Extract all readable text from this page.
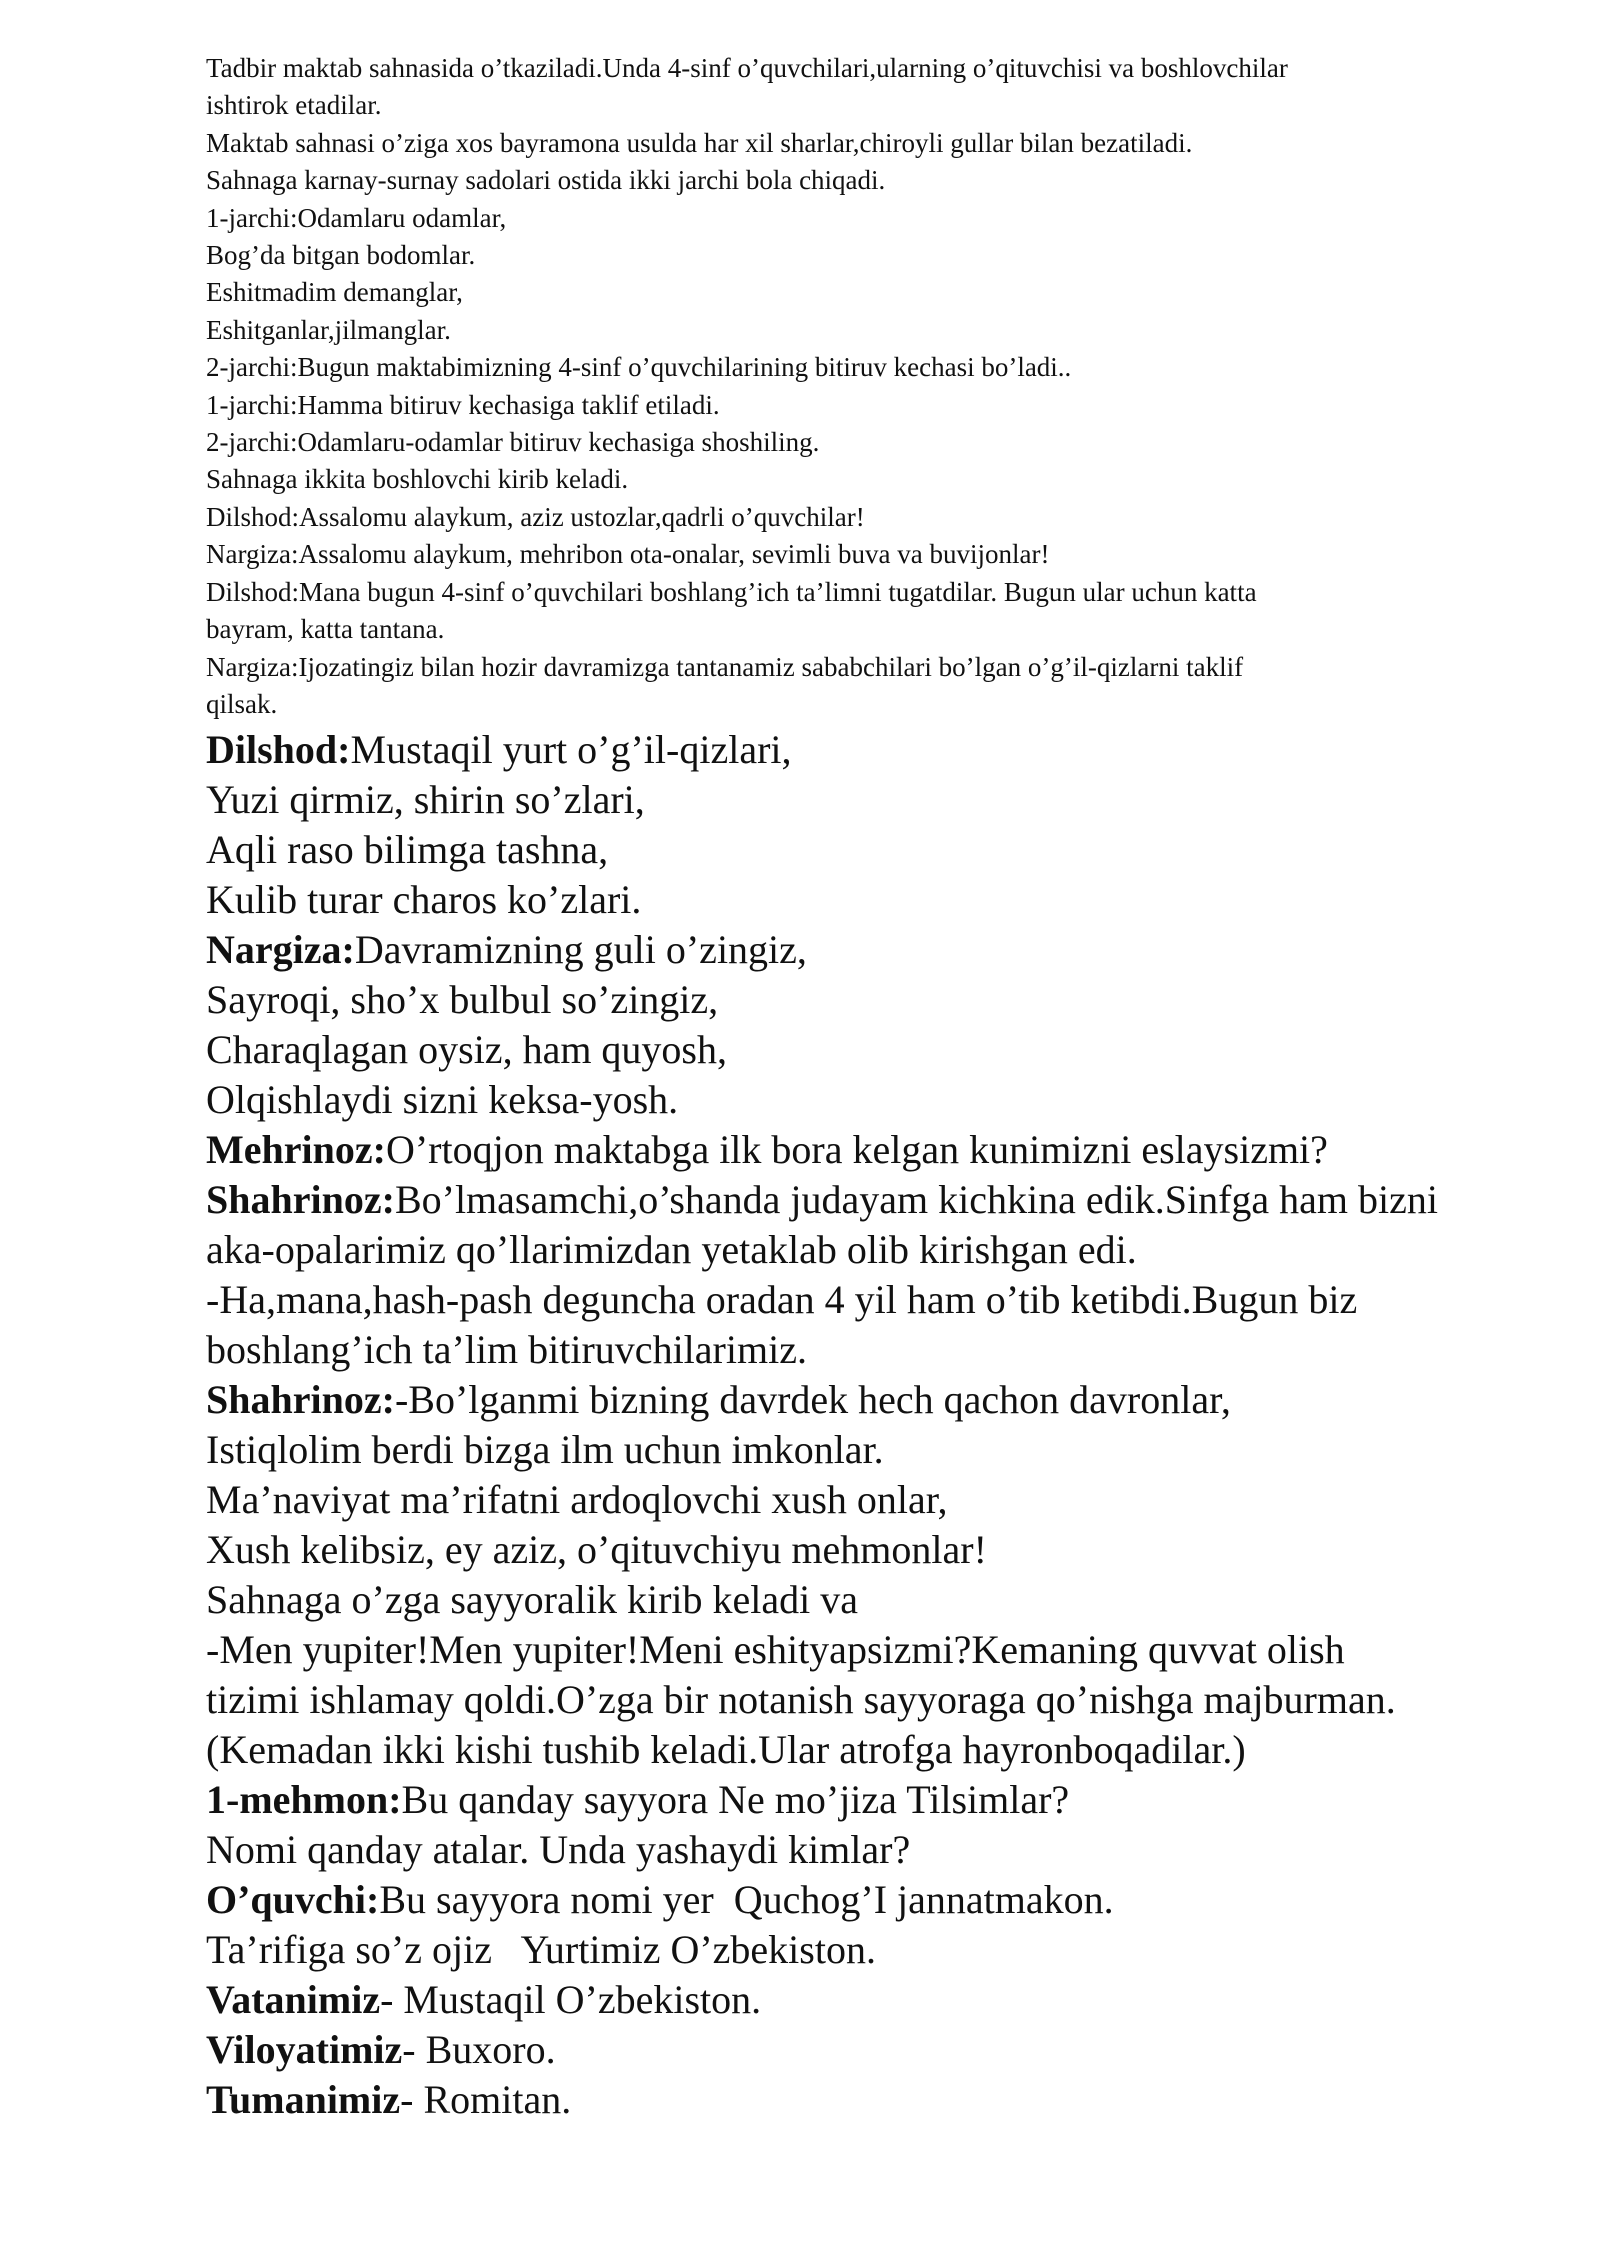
Tadbir maktab sahnasida o’tkaziladi.Unda 4-sinf o’quvchilari,ularning o’qituvchisi va boshlovchilar
ishtirok etadilar.
Maktab sahnasi o’ziga xos bayramona usulda har xil sharlar,chiroyli gullar bilan bezatiladi.
Sahnaga karnay-surnay sadolari ostida ikki jarchi bola chiqadi.
1-jarchi:Odamlaru odamlar,
Bog’da bitgan bodomlar.
Eshitmadim demanglar,
Eshitganlar,jilmanglar.
2-jarchi:Bugun maktabimizning 4-sinf o’quvchilarining bitiruv kechasi bo’ladi..
1-jarchi:Hamma bitiruv kechasiga taklif etiladi.
2-jarchi:Odamlaru-odamlar bitiruv kechasiga shoshiling.
Sahnaga ikkita boshlovchi kirib keladi.
Dilshod:Assalomu alaykum, aziz ustozlar,qadrli o’quvchilar!
Nargiza:Assalomu alaykum, mehribon ota-onalar, sevimli buva va buvijonlar!
Dilshod:Mana bugun 4-sinf o’quvchilari boshlang’ich ta’limni tugatdilar. Bugun ular uchun katta
bayram, katta tantana.
Nargiza:Ijozatingiz bilan hozir davramizga tantanamiz sababchilari bo’lgan o’g’il-qizlarni taklif
qilsak.
Dilshod:Mustaqil yurt o’g’il-qizlari,
Yuzi qirmiz, shirin so’zlari,
Aqli raso bilimga tashna,
Kulib turar charos ko’zlari.
Nargiza:Davramizning guli o’zingiz,
Sayroqi, sho’x bulbul so’zingiz,
Charaqlagan oysiz, ham quyosh,
Olqishlaydi sizni keksa-yosh.
Mehrinoz:O’rtoqjon maktabga ilk bora kelgan kunimizni eslaysizmi?
Shahrinoz:Bo’lmasamchi,o’shanda judayam kichkina edik.Sinfga ham bizni
aka-opalarimiz qo’llarimizdan yetaklab olib kirishgan edi.
-Ha,mana,hash-pash deguncha oradan 4 yil ham o’tib ketibdi.Bugun biz
boshlang’ich ta’lim bitiruvchilarimiz.
Shahrinoz:-Bo’lganmi bizning davrdek hech qachon davronlar,
Istiqlolim berdi bizga ilm uchun imkonlar.
Ma’naviyat ma’rifatni ardoqlovchi xush onlar,
Xush kelibsiz, ey aziz, o’qituvchiyu mehmonlar!
Sahnaga o’zga sayyoralik kirib keladi va
-Men yupiter!Men yupiter!Meni eshityapsizmi?Kemaning quvvat olish
tizimi ishlamay qoldi.O’zga bir notanish sayyoraga qo’nishga majburman.
(Kemadan ikki kishi tushib keladi.Ular atrofga hayronboqadilar.)
1-mehmon:Bu qanday sayyora Ne mo’jiza Tilsimlar?
Nomi qanday atalar. Unda yashaydi kimlar?
O’quvchi:Bu sayyora nomi yer  Quchog’I jannatmakon.
Ta’rifiga so’z ojiz   Yurtimiz O’zbekiston.
Vatanimiz- Mustaqil O’zbekiston.
Viloyatimiz- Buxoro.
Tumanimiz- Romitan.
